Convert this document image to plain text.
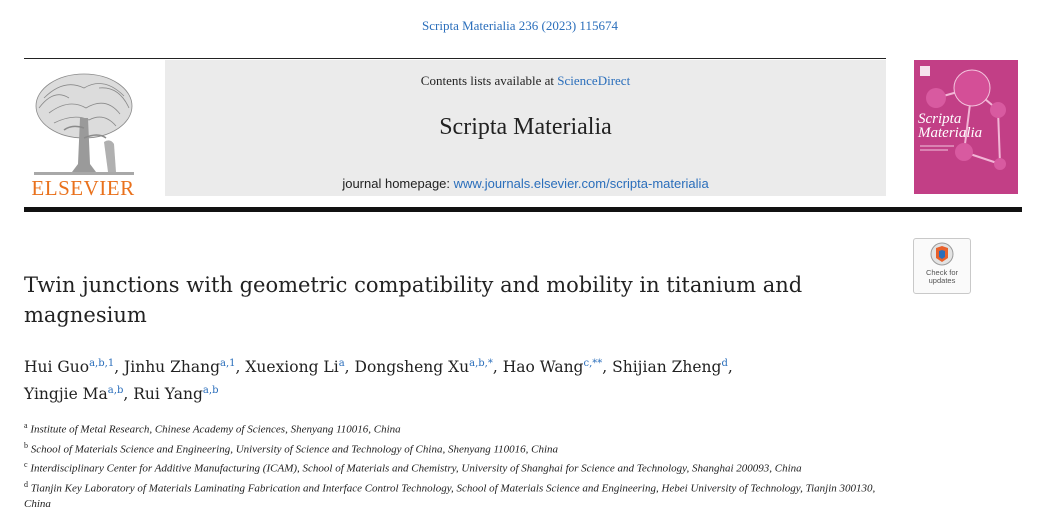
Scripta Materialia 236 (2023) 115674
ELSEVIER
Contents lists available at ScienceDirect
Scripta Materialia
journal homepage: www.journals.elsevier.com/scripta-materialia
Scripta
Materialia
Check for
updates
Twin junctions with geometric compatibility and mobility in titanium and magnesium
Hui Guo$^{a,b,1}$, Jinhu Zhang$^{a,1}$, Xuexiong Li$^a$, Dongsheng $Xu^{a,b,*}$, Hao Wang$^{c,**}$, Shijian Zheng$^d$,
Yingjie Ma$^{a,b}$, Rui Yang$^{a,b}$
$^a$ Institute of Metal Research, Chinese Academy of Sciences, Shenyang 110016, China
$^b$ School of Materials Science and Engineering, University of Science and Technology of China, Shenyang 110016, China
$^c$ Interdisciplinary Center for Additive Manufacturing (ICAM), School of Materials and Chemistry, University of Shanghai for Science and Technology, Shanghai 200093, China
$^d$ Tianjin Key Laboratory of Materials Laminating Fabrication and Interface Control Technology, School of Materials Science and Engineering, Hebei University of Technology, Tianjin 300130, China
